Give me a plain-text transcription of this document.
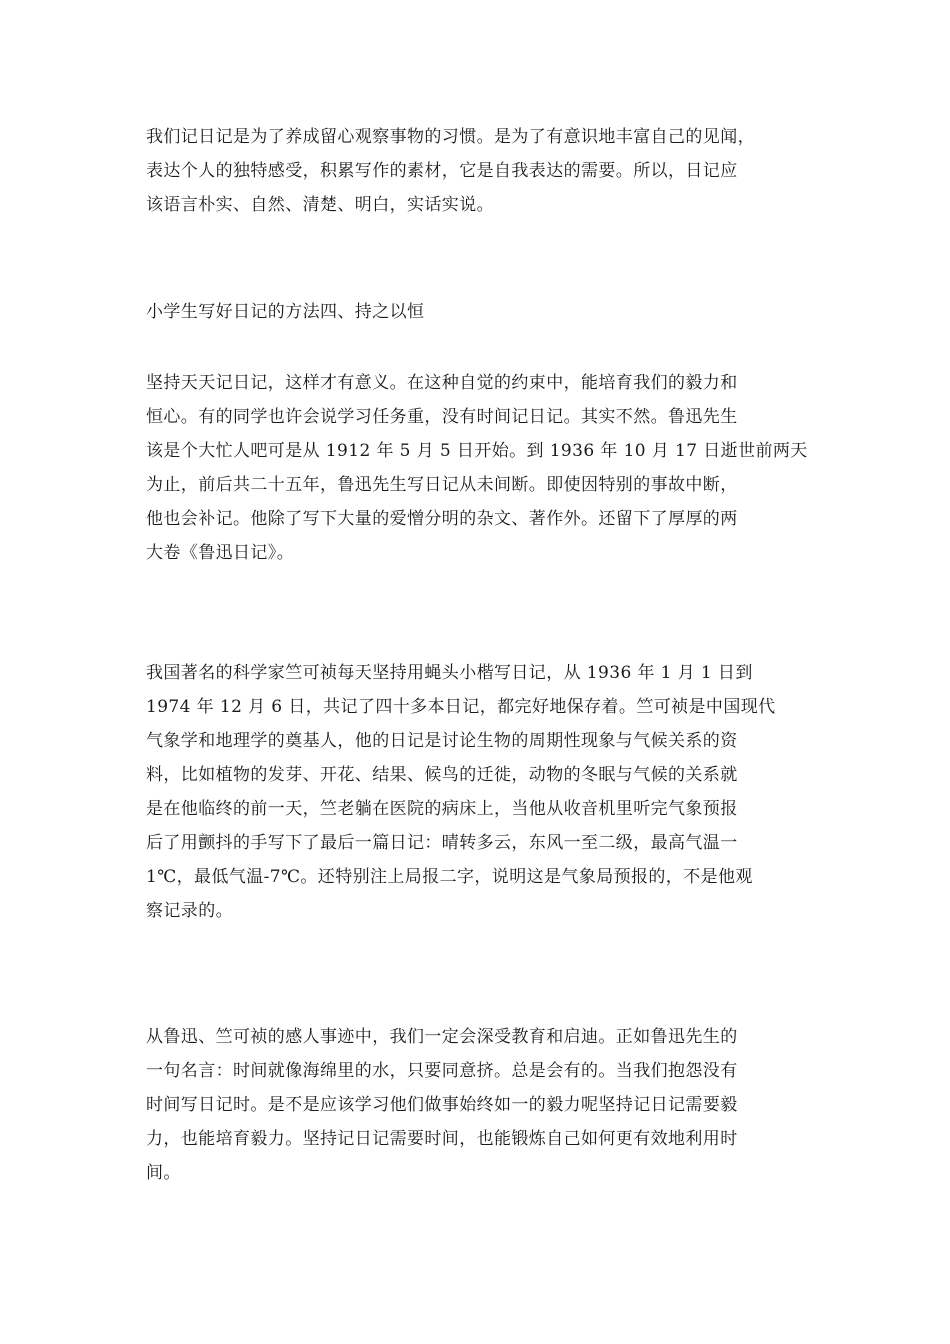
我们记日记是为了养成留心观察事物的习惯。是为了有意识地丰富自己的见闻，
表达个人的独特感受，积累写作的素材，它是自我表达的需要。所以，日记应
该语言朴实、自然、清楚、明白，实话实说。

小学生写好日记的方法四、持之以恒

坚持天天记日记，这样才有意义。在这种自觉的约束中，能培育我们的毅力和
恒心。有的同学也许会说学习任务重，没有时间记日记。其实不然。鲁迅先生
该是个大忙人吧可是从 1912 年 5 月 5 日开始。到 1936 年 10 月 17 日逝世前两天
为止，前后共二十五年，鲁迅先生写日记从未间断。即使因特别的事故中断，
他也会补记。他除了写下大量的爱憎分明的杂文、著作外。还留下了厚厚的两
大卷《鲁迅日记》。

我国著名的科学家竺可祯每天坚持用蝇头小楷写日记，从 1936 年 1 月 1 日到
1974 年 12 月 6 日，共记了四十多本日记，都完好地保存着。竺可祯是中国现代
气象学和地理学的奠基人，他的日记是讨论生物的周期性现象与气候关系的资
料，比如植物的发芽、开花、结果、候鸟的迁徙，动物的冬眠与气候的关系就
是在他临终的前一天，竺老躺在医院的病床上，当他从收音机里听完气象预报
后了用颤抖的手写下了最后一篇日记：晴转多云，东风一至二级，最高气温一
1℃，最低气温-7℃。还特别注上局报二字，说明这是气象局预报的，不是他观
察记录的。

从鲁迅、竺可祯的感人事迹中，我们一定会深受教育和启迪。正如鲁迅先生的
一句名言：时间就像海绵里的水，只要同意挤。总是会有的。当我们抱怨没有
时间写日记时。是不是应该学习他们做事始终如一的毅力呢坚持记日记需要毅
力，也能培育毅力。坚持记日记需要时间，也能锻炼自己如何更有效地利用时
间。
